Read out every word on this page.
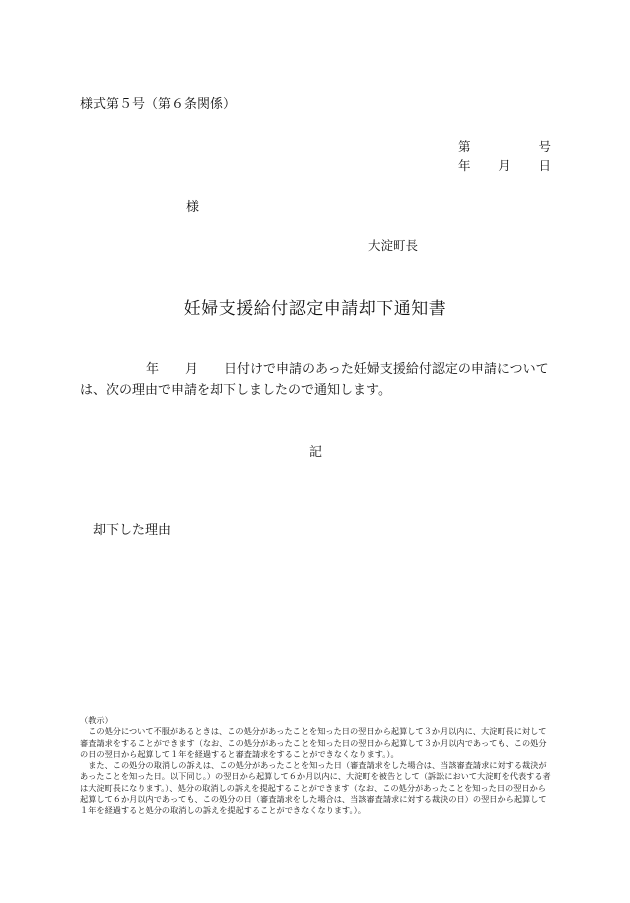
様式第５号（第６条関係）
第	号
年 月 日
様
大淀町長
妊婦支援給付認定申請却下通知書
年 月 日付けで申請のあった妊婦支援給付認定の申請については、次の理由で申請を却下しましたので通知します。
記
却下した理由

（教示）

この処分について不服があるときは、この処分があったことを知った日の翌日から起算して３か月以内に、大淀町長に対して審査請求をすることができます（なお、この処分があったことを知った日の翌日から起算して３か月以内であっても、この処分の日の翌日から起算して１年を経過すると審査請求をすることができなくなります。）。

また、この処分の取消しの訴えは、この処分があったことを知った日（審査請求をした場合は、当該審査請求に対する裁決があったことを知った日。以下同じ。）の翌日から起算して６か月以内に、大淀町を被告として（訴訟において大淀町を代表する者は大淀町長になります。）、処分の取消しの訴えを提起することができます（なお、この処分があったことを知った日の翌日から起算して６か月以内であっても、この処分の日（審査請求をした場合は、当該審査請求に対する裁決の日）の翌日から起算して１年を経過すると処分の取消しの訴えを提起することができなくなります。）。
